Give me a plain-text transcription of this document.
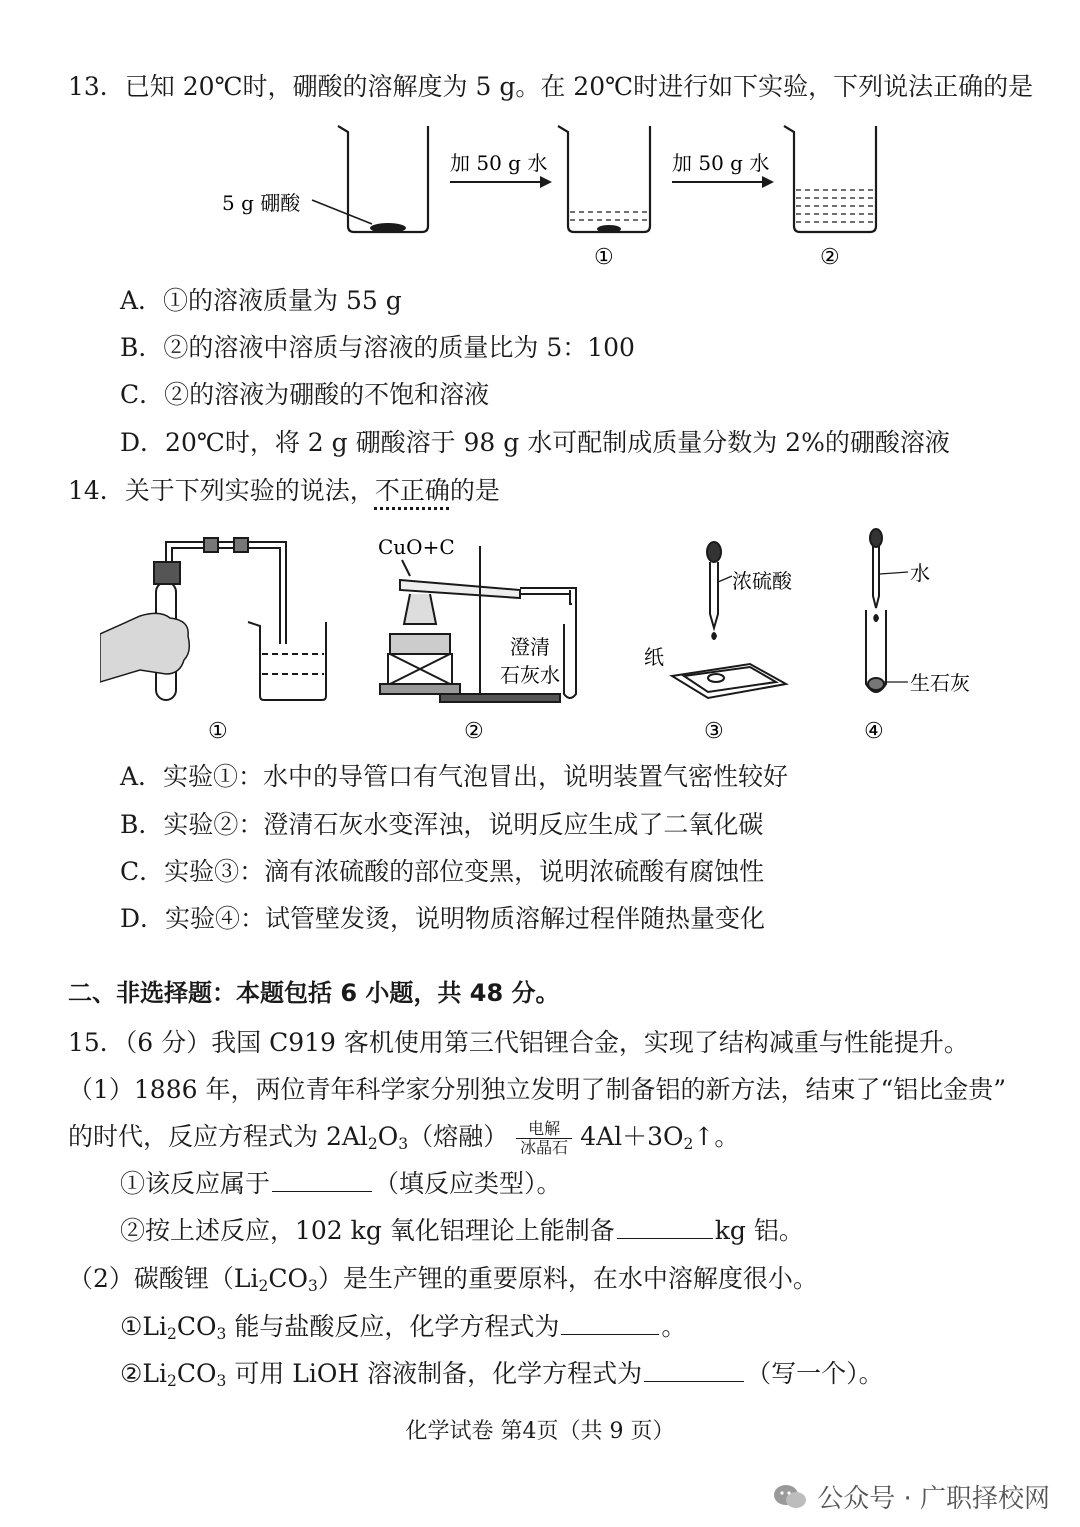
13．已知 20℃时，硼酸的溶解度为 5 g。在 20℃时进行如下实验，下列说法正确的是
5 g 硼酸
加 50 g 水
①
加 50 g 水
②
A．①的溶液质量为 55 g
B．②的溶液中溶质与溶液的质量比为 5：100
C．②的溶液为硼酸的不饱和溶液
D．20℃时，将 2 g 硼酸溶于 98 g 水可配制成质量分数为 2%的硼酸溶液
14．关于下列实验的说法，不正确的是
①
CuO+C
澄清
石灰水
②
浓硫酸
纸
③
水
生石灰
④
A．实验①：水中的导管口有气泡冒出，说明装置气密性较好
B．实验②：澄清石灰水变浑浊，说明反应生成了二氧化碳
C．实验③：滴有浓硫酸的部位变黑，说明浓硫酸有腐蚀性
D．实验④：试管壁发烫，说明物质溶解过程伴随热量变化
二、非选择题：本题包括 6 小题，共 48 分。
15．（6 分）我国 C919 客机使用第三代铝锂合金，实现了结构减重与性能提升。
（1）1886 年，两位青年科学家分别独立发明了制备铝的新方法，结束了“铝比金贵”
的时代，反应方程式为 $2Al_2O_3$（熔融） $\frac{\text{电解}}{\text{冰晶石}}$ $4Al+3O_2↑$。
①该反应属于	（填反应类型）。
②按上述反应，102 kg 氧化铝理论上能制备	kg 铝。
（2）碳酸锂$(Li_2CO_3)$是生产锂的重要原料，在水中溶解度很小。
$①Li_2CO_3$ 能与盐酸反应，化学方程式为	。
$②Li_2CO_3$ 可用 LiOH 溶液制备，化学方程式为	（写一个）。
化学试卷 第4页（共 9 页）
公众号 · 广职择校网
